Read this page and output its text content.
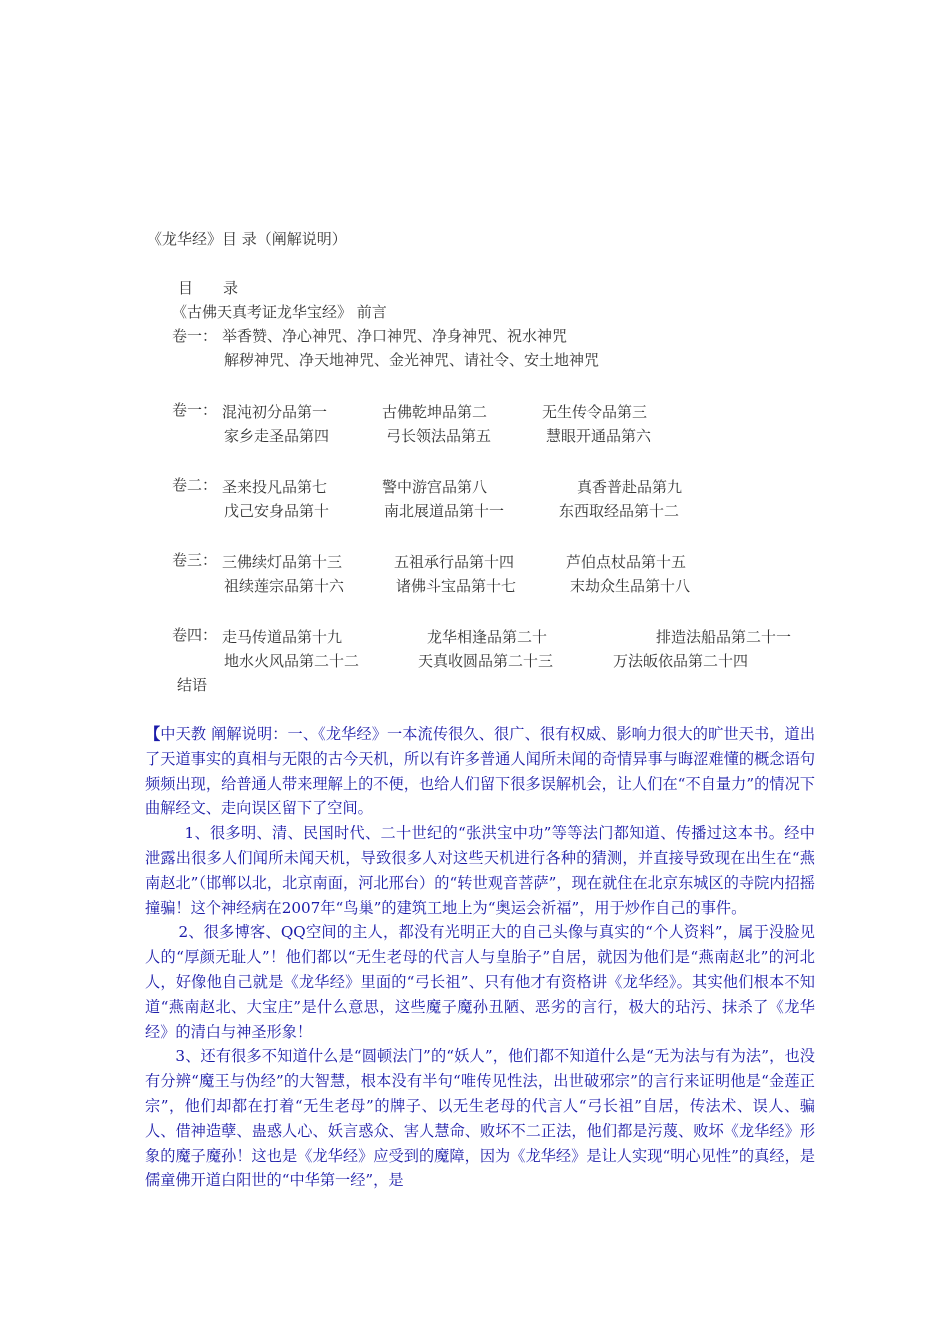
《龙华经》目 录（阐解说明）
目　　录
《古佛天真考证龙华宝经》 前言
卷一： 举香赞、净心神咒、净口神咒、净身神咒、祝水神咒
解秽神咒、净天地神咒、金光神咒、请社令、安土地神咒
卷一： 混沌初分品第一	古佛乾坤品第二	无生传令品第三
家乡走圣品第四	弓长领法品第五	慧眼开通品第六
卷二： 圣来投凡品第七	警中游宫品第八	真香普赴品第九
戊己安身品第十	南北展道品第十一	东西取经品第十二
卷三： 三佛续灯品第十三	五祖承行品第十四	芦伯点杖品第十五
祖续莲宗品第十六	诸佛斗宝品第十七	末劫众生品第十八
卷四： 走马传道品第十九	龙华相逢品第二十	排造法船品第二十一
地水火风品第二十二	天真收圆品第二十三	万法皈依品第二十四
结语

【中天教 阐解说明：一、《龙华经》一本流传很久、很广、很有权威、影响力很大的旷世天书，道出了天道事实的真相与无限的古今天机，所以有许多普通人闻所未闻的奇情异事与晦涩难懂的概念语句频频出现，给普通人带来理解上的不便，也给人们留下很多误解机会，让人们在“不自量力”的情况下曲解经文、走向误区留下了空间。

1、很多明、清、民国时代、二十世纪的“张洪宝中功”等等法门都知道、传播过这本书。经中泄露出很多人们闻所未闻天机，导致很多人对这些天机进行各种的猜测，并直接导致现在出生在“燕南赵北”（邯郸以北，北京南面，河北邢台）的“转世观音菩萨”，现在就住在北京东城区的寺院内招摇撞骗！这个神经病在2007年“鸟巢”的建筑工地上为“奥运会祈福”，用于炒作自己的事件。

2、很多博客、QQ空间的主人，都没有光明正大的自己头像与真实的“个人资料”，属于没脸见人的“厚颜无耻人”！他们都以“无生老母的代言人与皇胎子”自居，就因为他们是“燕南赵北”的河北人，好像他自己就是《龙华经》里面的“弓长祖”、只有他才有资格讲《龙华经》。其实他们根本不知道“燕南赵北、大宝庄”是什么意思，这些魔子魔孙丑陋、恶劣的言行，极大的玷污、抹杀了《龙华经》的清白与神圣形象！

3、还有很多不知道什么是“圆顿法门”的“妖人”，他们都不知道什么是“无为法与有为法”，也没有分辨“魔王与伪经”的大智慧，根本没有半句“唯传见性法，出世破邪宗”的言行来证明他是“金莲正宗”，他们却都在打着“无生老母”的牌子、以无生老母的代言人“弓长祖”自居，传法术、误人、骗人、借神造孽、蛊惑人心、妖言惑众、害人慧命、败坏不二正法，他们都是污蔑、败坏《龙华经》形象的魔子魔孙！这也是《龙华经》应受到的魔障，因为《龙华经》是让人实现“明心见性”的真经，是儒童佛开道白阳世的“中华第一经”，是
